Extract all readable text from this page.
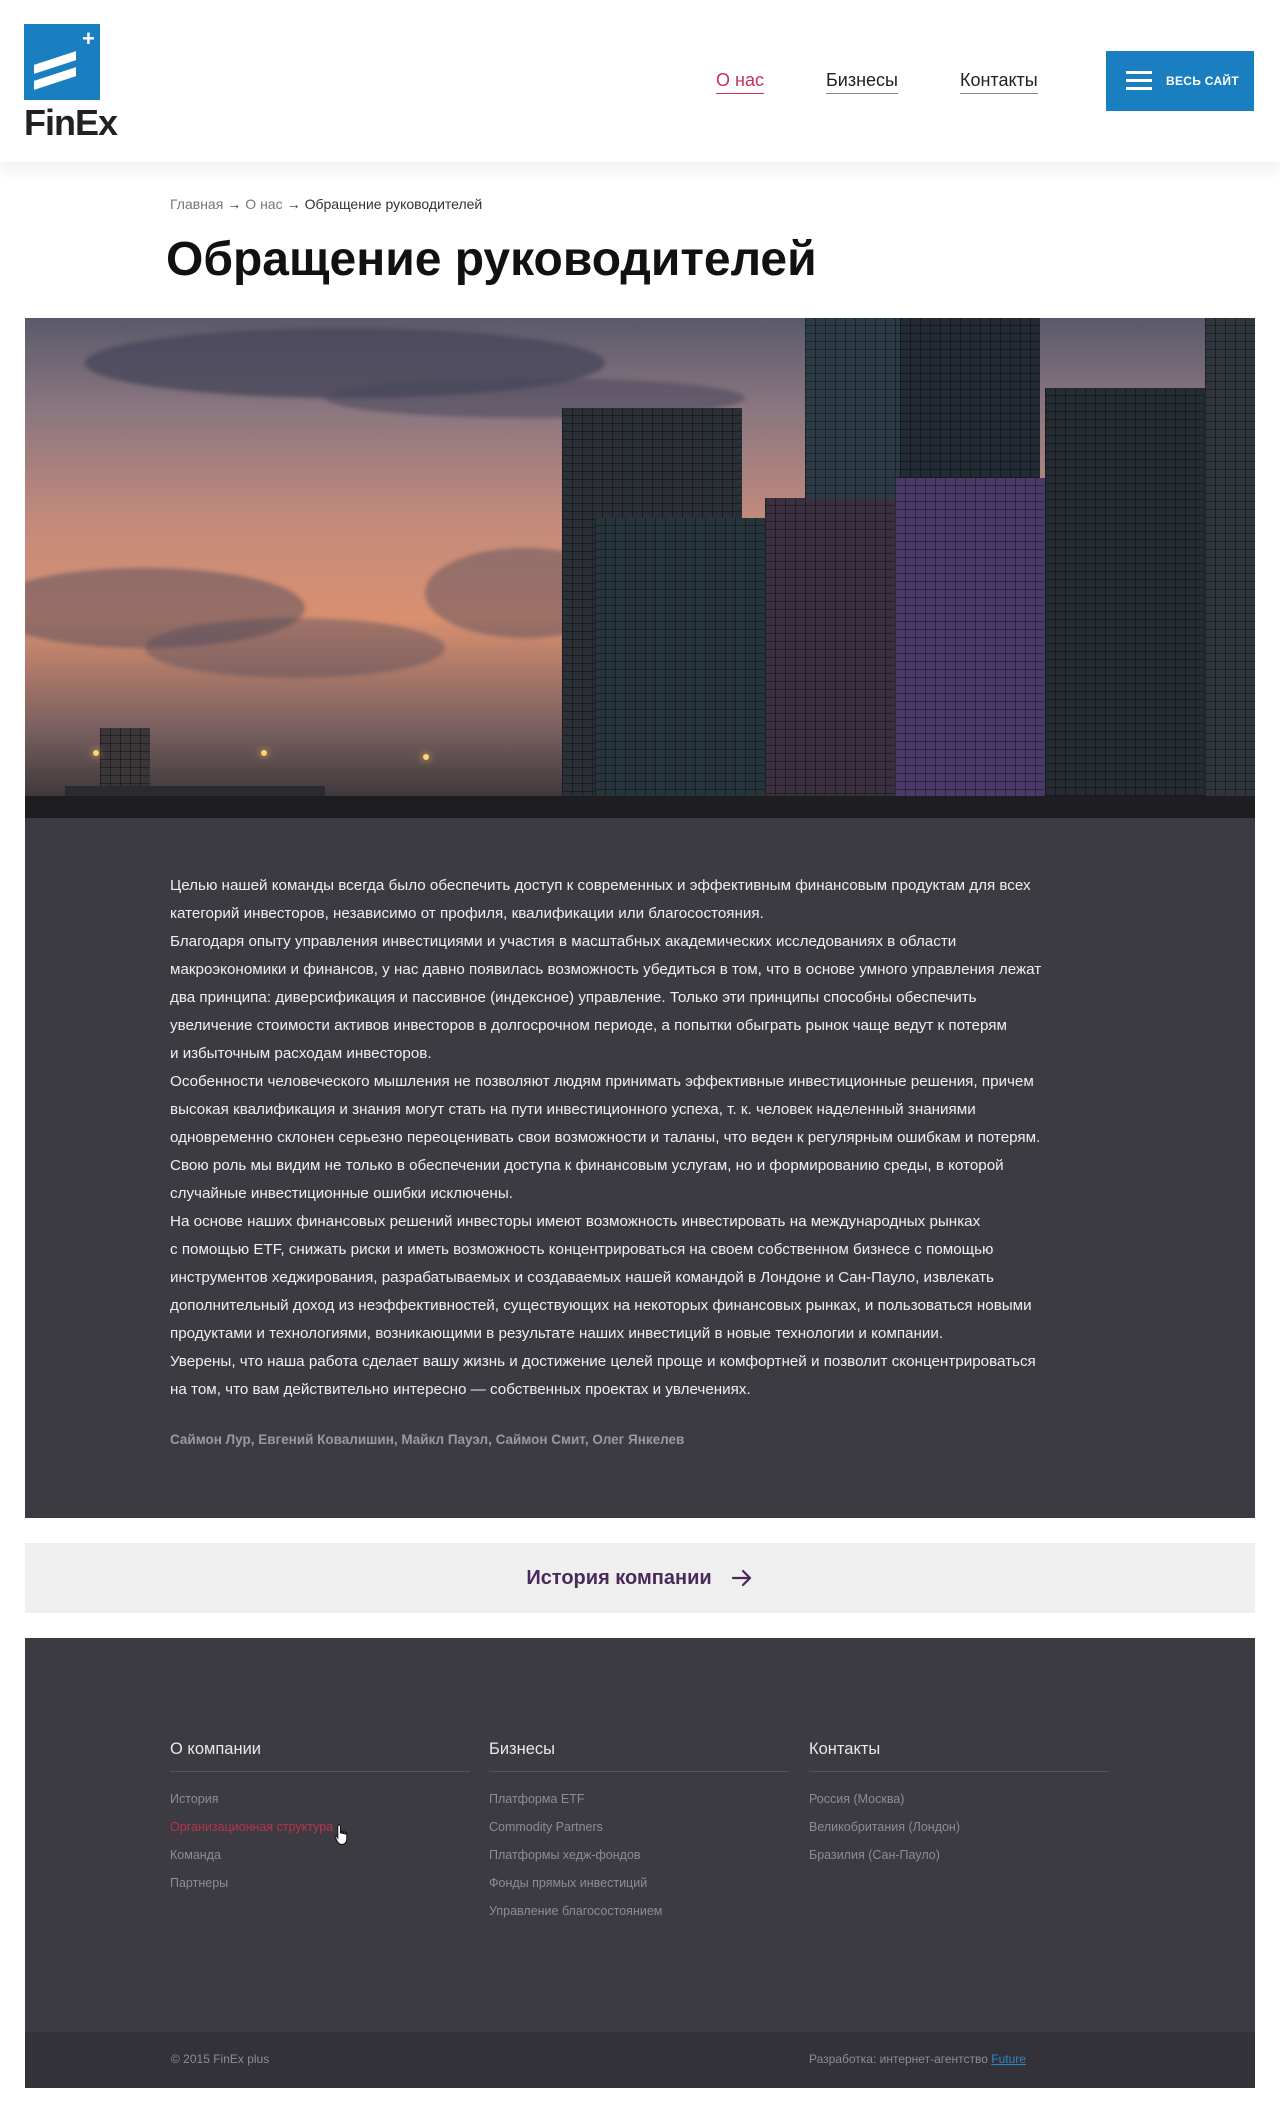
+
FinEx
О нас	Бизнесы	Контакты	ВЕСЬ САЙТ
Главная → О нас → Обращение руководителей
Обращение руководителей

Целью нашей команды всегда было обеспечить доступ к современных и эффективным финансовым продуктам для всех

категорий инвесторов, независимо от профиля, квалификации или благосостояния.

Благодаря опыту управления инвестициями и участия в масштабных академических исследованиях в области

макроэкономики и финансов, у нас давно появилась возможность убедиться в том, что в основе умного управления лежат

два принципа: диверсификация и пассивное (индексное) управление. Только эти принципы способны обеспечить

увеличение стоимости активов инвесторов в долгосрочном периоде, а попытки обыграть рынок чаще ведут к потерям

и избыточным расходам инвесторов.

Особенности человеческого мышления не позволяют людям принимать эффективные инвестиционные решения, причем

высокая квалификация и знания могут стать на пути инвестиционного успеха, т. к. человек наделенный знаниями

одновременно склонен серьезно переоценивать свои возможности и таланы, что веден к регулярным ошибкам и потерям.

Свою роль мы видим не только в обеспечении доступа к финансовым услугам, но и формированию среды, в которой

случайные инвестиционные ошибки исключены.

На основе наших финансовых решений инвесторы имеют возможность инвестировать на международных рынках

с помощью ETF, снижать риски и иметь возможность концентрироваться на своем собственном бизнесе с помощью

инструментов хеджирования, разрабатываемых и создаваемых нашей командой в Лондоне и Сан-Пауло, извлекать

дополнительный доход из неэффективностей, существующих на некоторых финансовых рынках, и пользоваться новыми

продуктами и технологиями, возникающими в результате наших инвестиций в новые технологии и компании.

Уверены, что наша работа сделает вашу жизнь и достижение целей проще и комфортней и позволит сконцентрироваться

на том, что вам действительно интересно — собственных проектах и увлечениях.

Саймон Лур, Евгений Ковалишин, Майкл Пауэл, Саймон Смит, Олег Янкелев
История компании
О компании
История
Организационная структура
Команда
Партнеры
Бизнесы
Платформа ETF
Commodity Partners
Платформы хедж-фондов
Фонды прямых инвестиций
Управление благосостоянием
Контакты
Россия (Москва)
Великобритания (Лондон)
Бразилия (Сан-Пауло)
© 2015 FinEx plus	Разработка: интернет-агентство Future
